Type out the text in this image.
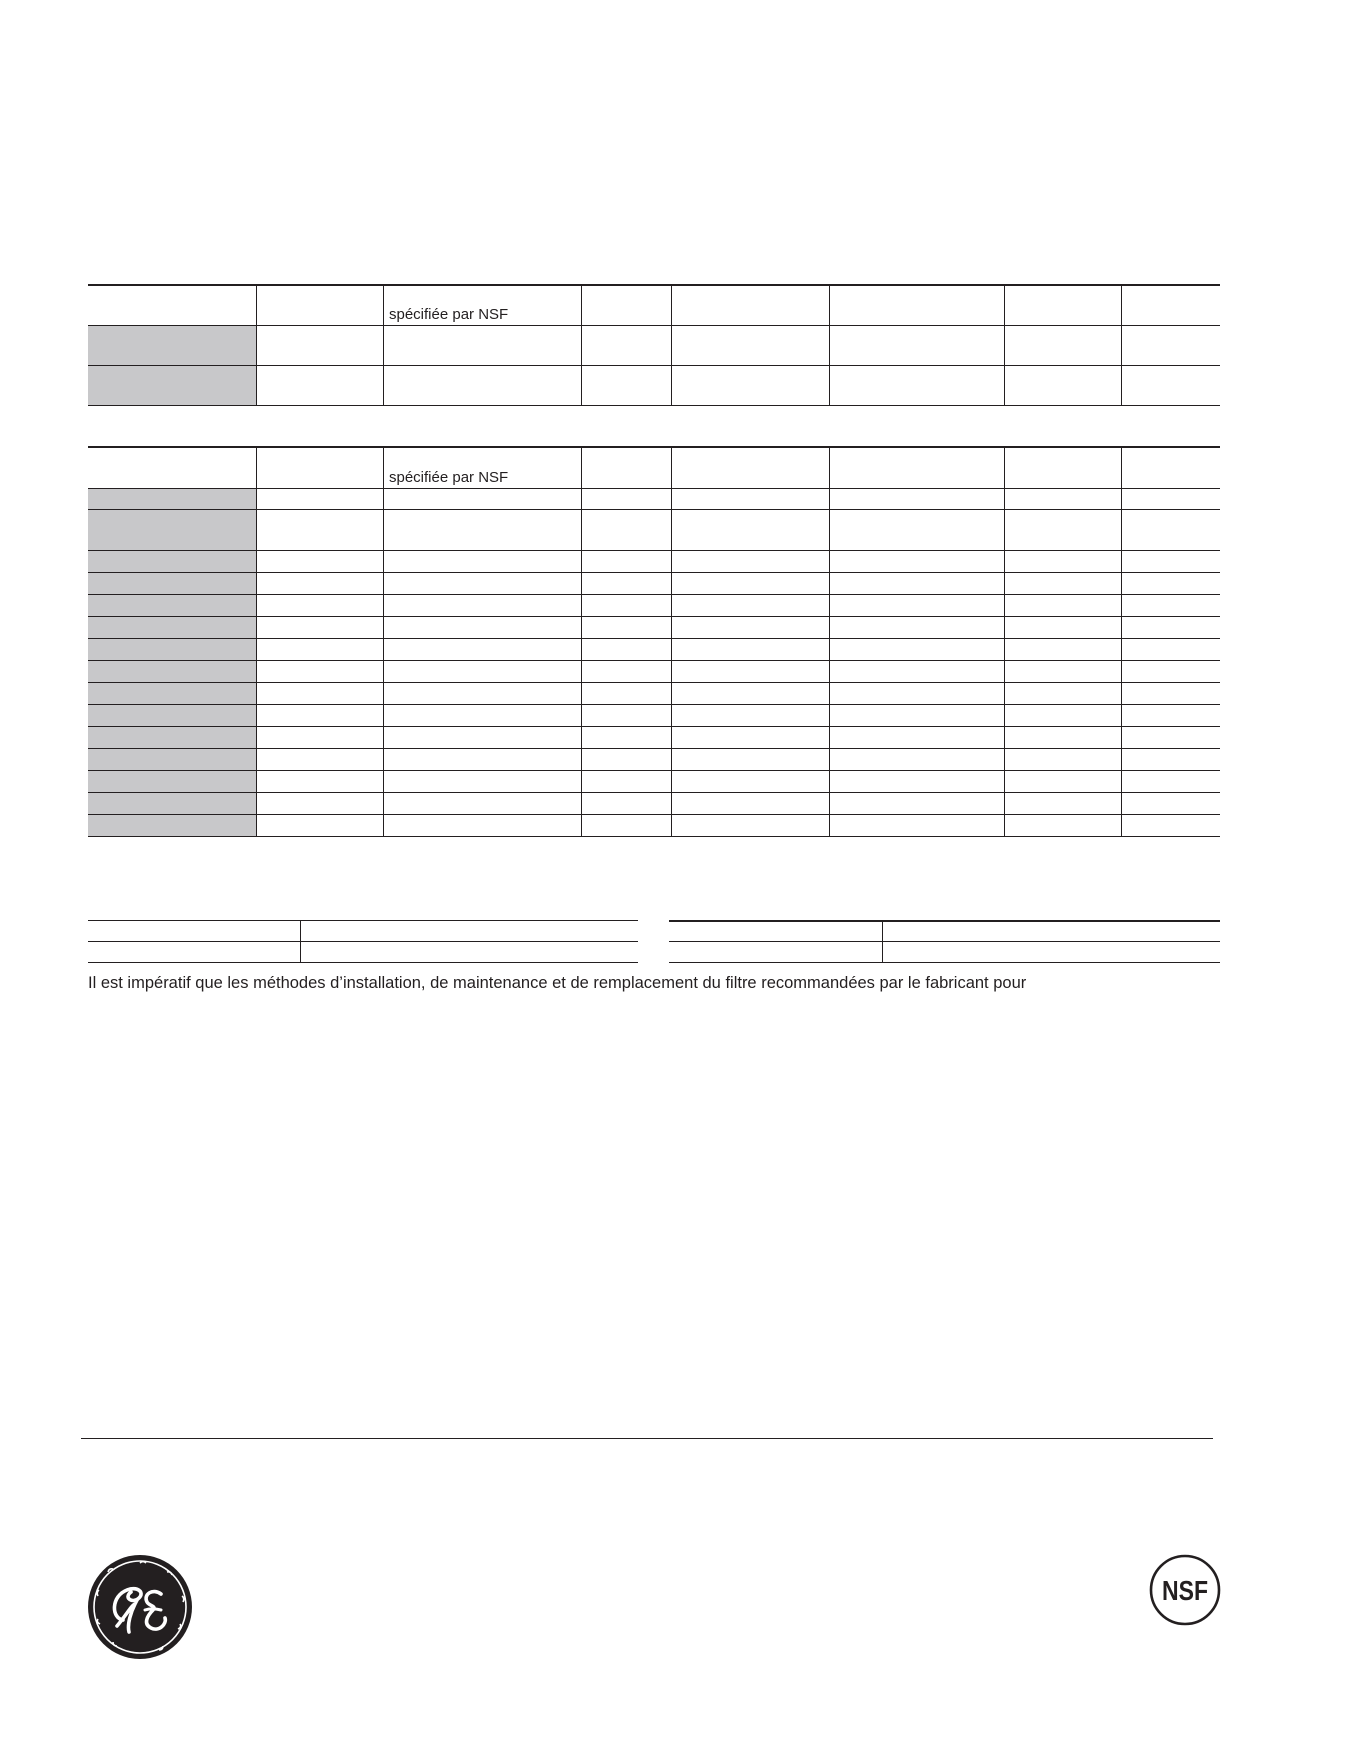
spécifiée par NSF
spécifiée par NSF
Il est impératif que les méthodes d’installation, de maintenance et de remplacement du filtre recommandées par le fabricant pour
NSF
